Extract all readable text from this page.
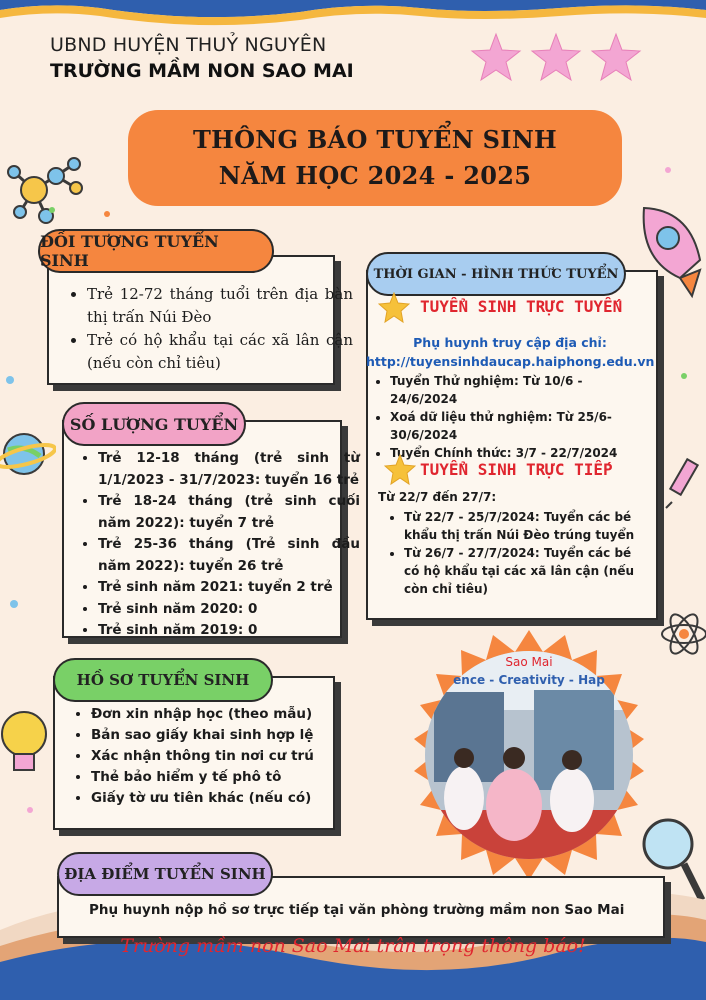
UBND HUYỆN THUỶ NGUYÊN
TRƯỜNG MẦM NON SAO MAI
THÔNG BÁO TUYỂN SINH
NĂM HỌC 2024 - 2025
• Trẻ 12-72 tháng tuổi trên địa bàn thị trấn Núi Đèo
• Trẻ có hộ khẩu tại các xã lân cận (nếu còn chỉ tiêu)
ĐỐI TƯỢNG TUYỂN SINH
• Trẻ 12-18 tháng (trẻ sinh từ 1/1/2023 - 31/7/2023: tuyển 16 trẻ
• Trẻ 18-24 tháng (trẻ sinh cuối năm 2022): tuyển 7 trẻ
• Trẻ 25-36 tháng (Trẻ sinh đầu năm 2022): tuyển 26 trẻ
• Trẻ sinh năm 2021: tuyển 2 trẻ
• Trẻ sinh năm 2020: 0
• Trẻ sinh năm 2019: 0
SỐ LƯỢNG TUYỂN
THỜI GIAN - HÌNH THỨC TUYỂN
TUYỂN SINH TRỰC TUYẾN
Phụ huynh truy cập địa chỉ:
http://tuyensinhdaucap.haiphong.edu.vn
• Tuyển Thử nghiệm: Từ 10/6 - 24/6/2024
• Xoá dữ liệu thử nghiệm: Từ 25/6-30/6/2024
• Tuyển Chính thức: 3/7 - 22/7/2024
TUYỂN SINH TRỰC TIẾP
Từ 22/7 đến 27/7:
• Từ 22/7 - 25/7/2024: Tuyển các bé khẩu thị trấn Núi Đèo trúng tuyển
• Từ 26/7 - 27/7/2024: Tuyển các bé có hộ khẩu tại các xã lân cận (nếu còn chỉ tiêu)
• Đơn xin nhập học (theo mẫu)
• Bản sao giấy khai sinh hợp lệ
• Xác nhận thông tin nơi cư trú
• Thẻ bảo hiểm y tế phô tô
• Giấy tờ ưu tiên khác (nếu có)
HỒ SƠ TUYỂN SINH
Sao Mai
ence - Creativity - Hap
Phụ huynh nộp hồ sơ trực tiếp tại văn phòng trường mầm non Sao Mai
ĐỊA ĐIỂM TUYỂN SINH
Trường mầm non Sao Mai trân trọng thông báo!
